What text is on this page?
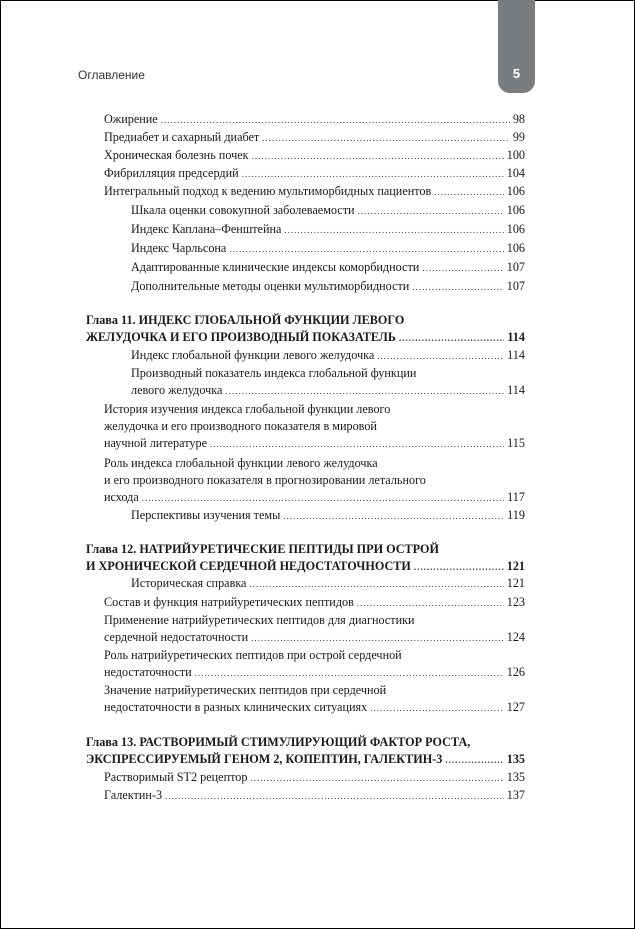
5
Оглавление
Ожирение .....	98
Предиабет и сахарный диабет .....	99
Хроническая болезнь почек .....	100
Фибрилляция предсердий .....	104
Интегральный подход к ведению мультиморбидных пациентов .....	106
Шкала оценки совокупной заболеваемости .....	106
Индекс Каплана–Фенштейна .....	106
Индекс Чарльсона .....	106
Адаптированные клинические индексы коморбидности .....	107
Дополнительные методы оценки мультиморбидности .....	107
Глава 11. ИНДЕКС ГЛОБАЛЬНОЙ ФУНКЦИИ ЛЕВОГО
ЖЕЛУДОЧКА И ЕГО ПРОИЗВОДНЫЙ ПОКАЗАТЕЛЬ .....	114
Индекс глобальной функции левого желудочка .....	114
Производный показатель индекса глобальной функции
левого желудочка .....	114
История изучения индекса глобальной функции левого
желудочка и его производного показателя в мировой
научной литературе .....	115
Роль индекса глобальной функции левого желудочка
и его производного показателя в прогнозировании летального
исхода .....	117
Перспективы изучения темы .....	119
Глава 12. НАТРИЙУРЕТИЧЕСКИЕ ПЕПТИДЫ ПРИ ОСТРОЙ
И ХРОНИЧЕСКОЙ СЕРДЕЧНОЙ НЕДОСТАТОЧНОСТИ .....	121
Историческая справка .....	121
Состав и функция натрийуретических пептидов .....	123
Применение натрийуретических пептидов для диагностики
сердечной недостаточности .....	124
Роль натрийуретических пептидов при острой сердечной
недостаточности .....	126
Значение натрийуретических пептидов при сердечной
недостаточности в разных клинических ситуациях .....	127
Глава 13. РАСТВОРИМЫЙ СТИМУЛИРУЮЩИЙ ФАКТОР РОСТА,
ЭКСПРЕССИРУЕМЫЙ ГЕНОМ 2, КОПЕПТИН, ГАЛЕКТИН-3 .....	135
Растворимый ST2 рецептор .....	135
Галектин-3 .....	137
